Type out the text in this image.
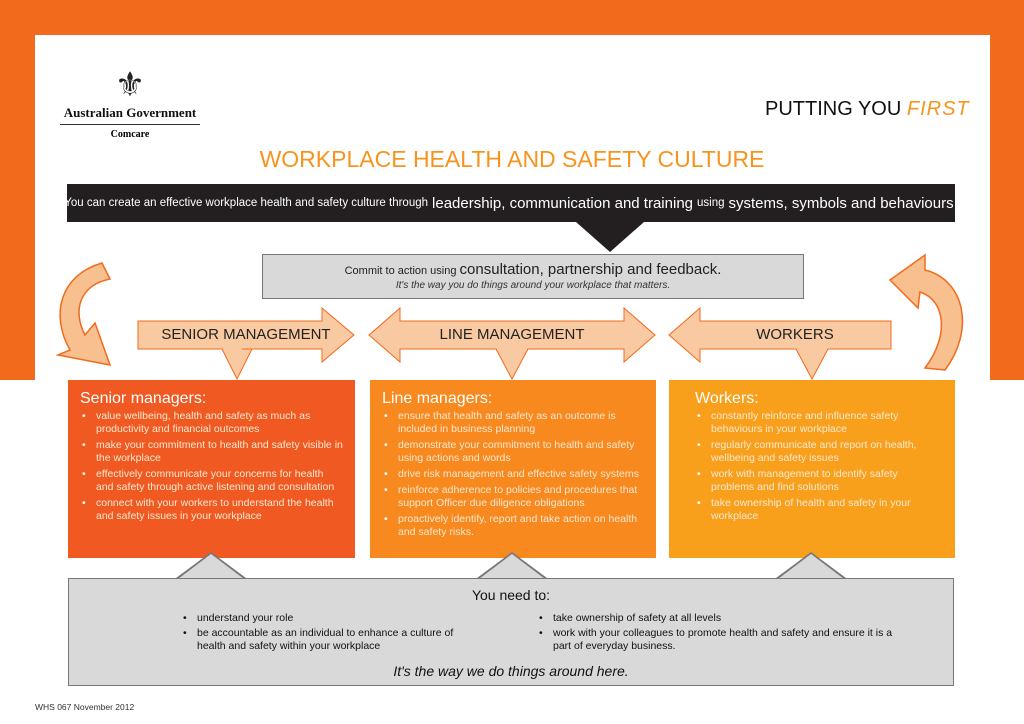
⚜
Australian Government
Comcare
PUTTING YOU FIRST
WORKPLACE HEALTH AND SAFETY CULTURE
You can create an effective workplace health and safety culture through leadership, communication and training using systems, symbols and behaviours.
Commit to action using consultation, partnership and feedback.
It's the way you do things around your workplace that matters.
SENIOR MANAGEMENT	LINE MANAGEMENT	WORKERS
Senior managers:
• value wellbeing, health and safety as much as productivity and financial outcomes
• make your commitment to health and safety visible in the workplace
• effectively communicate your concerns for health and safety through active listening and consultation
• connect with your workers to understand the health and safety issues in your workplace
Line managers:
• ensure that health and safety as an outcome is included in business planning
• demonstrate your commitment to health and safety using actions and words
• drive risk management and effective safety systems
• reinforce adherence to policies and procedures that support Officer due diligence obligations
• proactively identify, report and take action on health and safety risks.
Workers:
• constantly reinforce and influence safety behaviours in your workplace
• regularly communicate and report on health, wellbeing and safety issues
• work with management to identify safety problems and find solutions
• take ownership of health and safety in your workplace
You need to:
• understand your role
• be accountable as an individual to enhance a culture of health and safety within your workplace
• take ownership of safety at all levels
• work with your colleagues to promote health and safety and ensure it is a part of everyday business.
It's the way we do things around here.
WHS 067 November 2012
